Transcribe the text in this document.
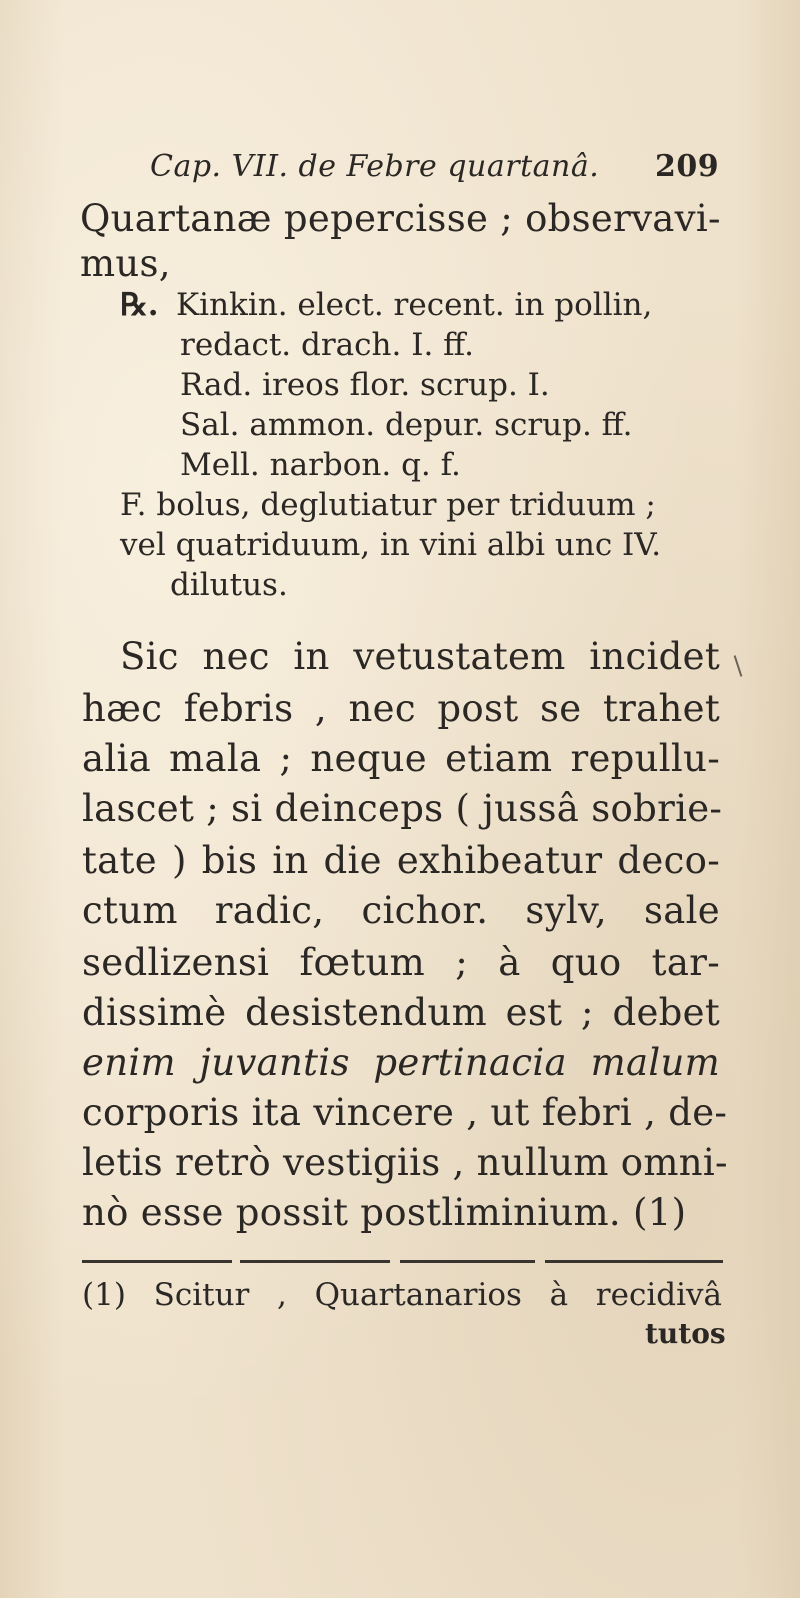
Cap. VII. de Febre quartanâ. 209
Quartanæ pepercisse ; observavi-
mus,
℞. Kinkin. elect. recent. in pollin,
redact. drach. I. ff.
Rad. ireos flor. scrup. I.
Sal. ammon. depur. scrup. ff.
Mell. narbon. q. f.
F. bolus, deglutiatur per triduum ;
vel quatriduum, in vini albi unc IV.
dilutus.
Sic nec in vetustatem incidet
hæc febris , nec post se trahet
alia mala ; neque etiam repullu-
lascet ; si deinceps ( jussâ sobrie-
tate ) bis in die exhibeatur deco-
ctum radic, cichor. sylv, sale
sedlizensi fœtum ; à quo tar-
dissimè desistendum est ; debet
enim juvantis pertinacia malum
corporis ita vincere , ut febri , de-
letis retrò vestigiis , nullum omni-
nò esse possit postliminium. (1)
(1) Scitur , Quartanarios à recidivâ
tutos
